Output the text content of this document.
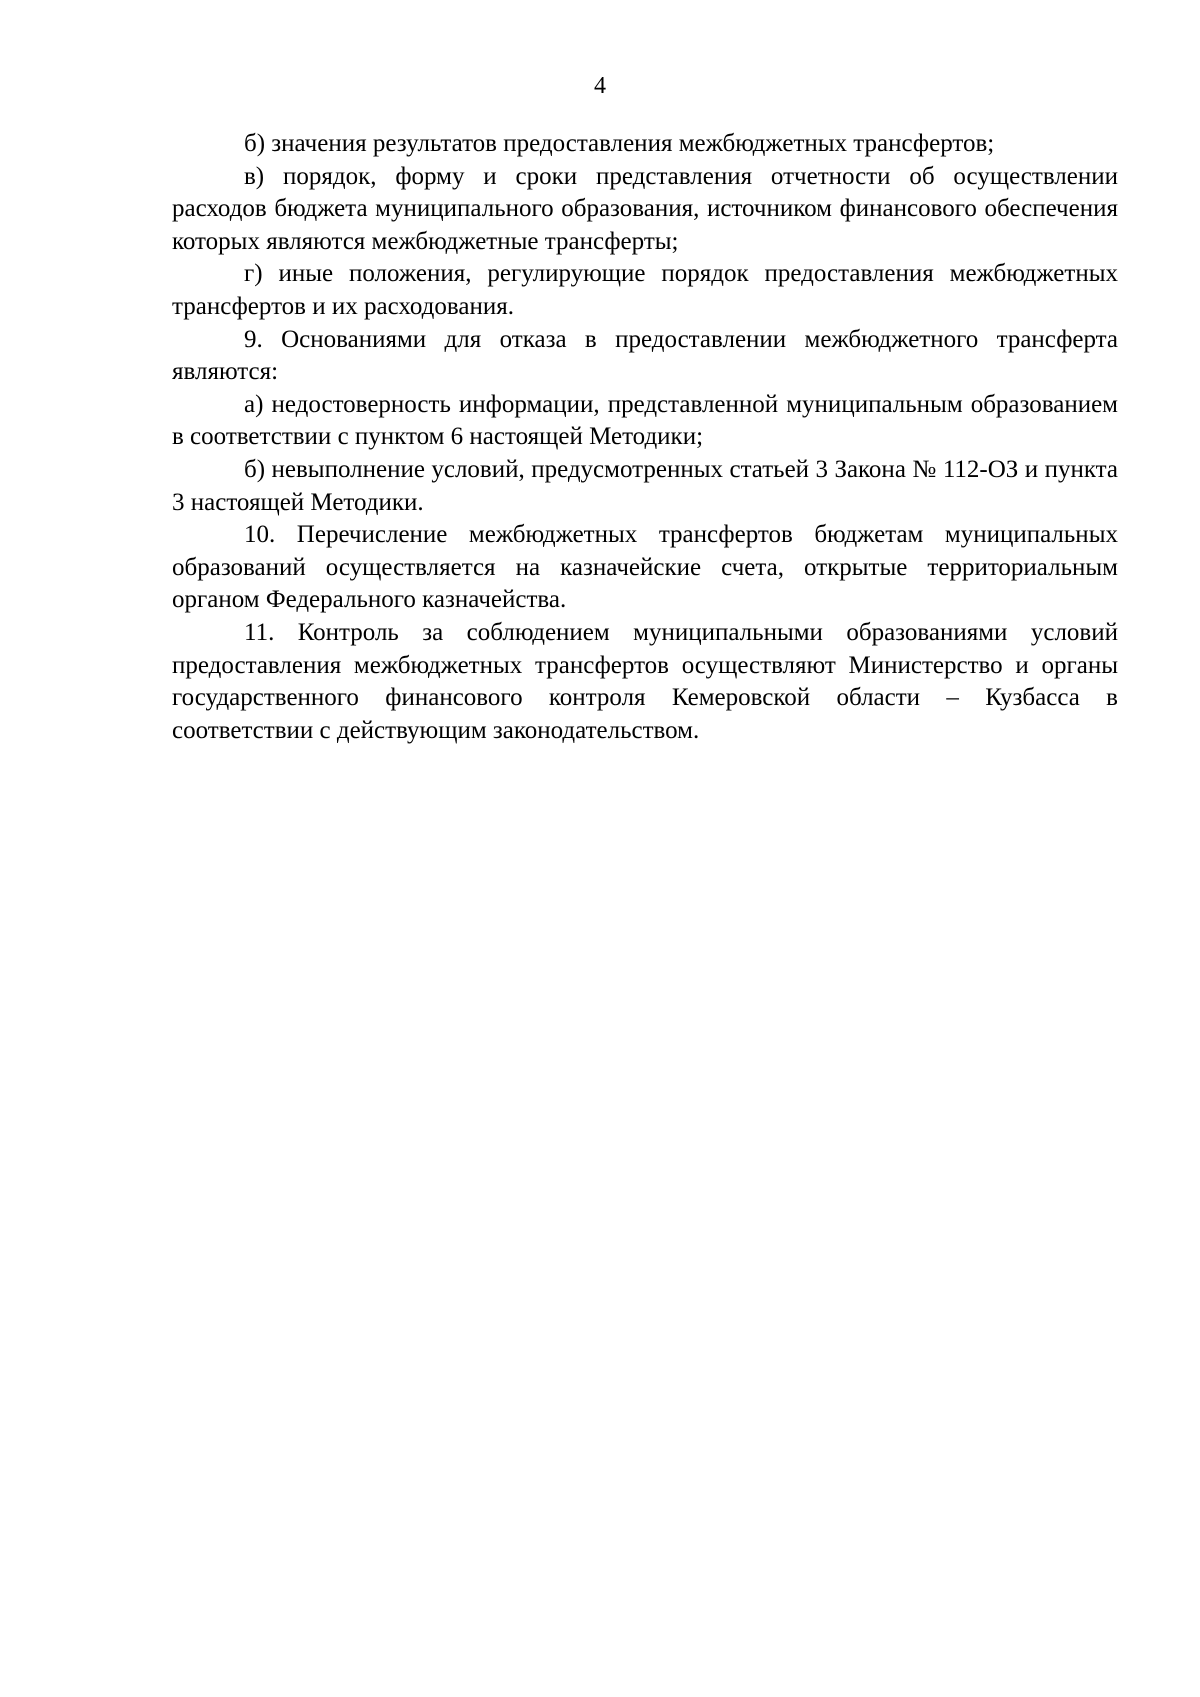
4

б) значения результатов предоставления межбюджетных трансфертов;

в) порядок, форму и сроки представления отчетности об осуществлении расходов бюджета муниципального образования, источником финансового обеспечения которых являются межбюджетные трансферты;

г) иные положения, регулирующие порядок предоставления межбюджетных трансфертов и их расходования.

9. Основаниями для отказа в предоставлении межбюджетного трансферта являются:

а) недостоверность информации, представленной муниципальным образованием в соответствии с пунктом 6 настоящей Методики;

б) невыполнение условий, предусмотренных статьей 3 Закона № 112-ОЗ и пункта 3 настоящей Методики.

10. Перечисление межбюджетных трансфертов бюджетам муниципальных образований осуществляется на казначейские счета, открытые территориальным органом Федерального казначейства.

11. Контроль за соблюдением муниципальными образованиями условий предоставления межбюджетных трансфертов осуществляют Министерство и органы государственного финансового контроля Кемеровской области – Кузбасса в соответствии с действующим законодательством.
